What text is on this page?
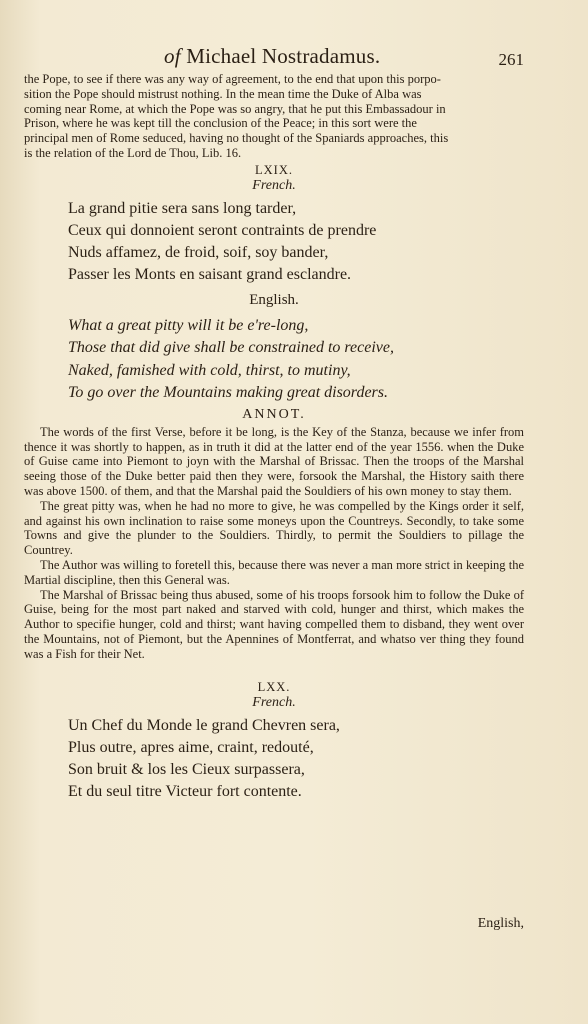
of Michael Nostradamus.	261

the Pope, to see if there was any way of agreement, to the end that upon this porpo-

sition the Pope should mistrust nothing. In the mean time the Duke of Alba was

coming near Rome, at which the Pope was so angry, that he put this Embassadour in

Prison, where he was kept till the conclusion of the Peace; in this sort were the

principal men of Rome seduced, having no thought of the Spaniards approaches, this

is the relation of the Lord de Thou, Lib. 16.

LXIX.
French.
La grand pitie sera sans long tarder,
Ceux qui donnoient seront contraints de prendre
Nuds affamez, de froid, soif, soy bander,
Passer les Monts en saisant grand esclandre.
English.
What a great pitty will it be e're-long,
Those that did give shall be constrained to receive,
Naked, famished with cold, thirst, to mutiny,
To go over the Mountains making great disorders.
ANNOT.

The words of the first Verse, before it be long, is the Key of the Stanza, because we infer from thence it was shortly to happen, as in truth it did at the latter end of the year 1556. when the Duke of Guise came into Piemont to joyn with the Marshal of Brissac. Then the troops of the Marshal seeing those of the Duke better paid then they were, forsook the Marshal, the History saith there was above 1500. of them, and that the Marshal paid the Souldiers of his own money to stay them.

The great pitty was, when he had no more to give, he was compelled by the Kings order it self, and against his own inclination to raise some moneys upon the Countreys. Secondly, to take some Towns and give the plunder to the Souldiers. Thirdly, to permit the Souldiers to pillage the Countrey.

The Author was willing to foretell this, because there was never a man more strict in keeping the Martial discipline, then this General was.

The Marshal of Brissac being thus abused, some of his troops forsook him to follow the Duke of Guise, being for the most part naked and starved with cold, hunger and thirst, which makes the Author to specifie hunger, cold and thirst; want having compelled them to disband, they went over the Mountains, not of Piemont, but the Apennines of Montferrat, and whatso ver thing they found was a Fish for their Net.

LXX.
French.
Un Chef du Monde le grand Chevren sera,
Plus outre, apres aime, craint, redouté,
Son bruit & los les Cieux surpassera,
Et du seul titre Victeur fort contente.
English,
